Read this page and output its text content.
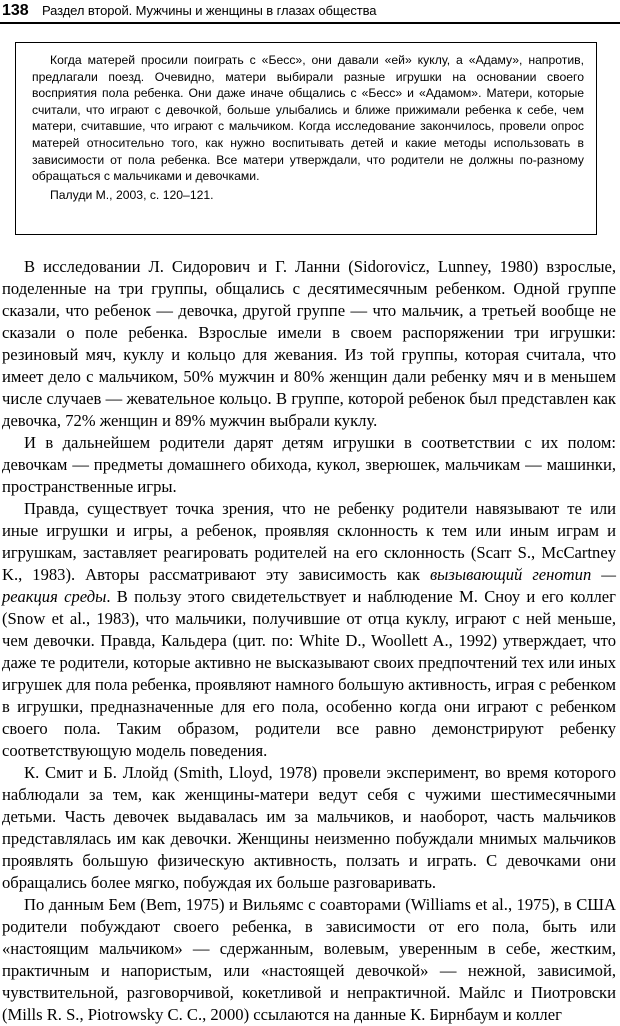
138 Раздел второй. Мужчины и женщины в глазах общества

Когда матерей просили поиграть с «Бесс», они давали «ей» куклу, а «Адаму», напротив, предлагали поезд. Очевидно, матери выбирали разные игрушки на основании своего восприятия пола ребенка. Они даже иначе общались с «Бесс» и «Адамом». Матери, которые считали, что играют с девочкой, больше улыбались и ближе прижимали ребенка к себе, чем матери, считавшие, что играют с мальчиком. Когда исследование закончилось, провели опрос матерей относительно того, как нужно воспитывать детей и какие методы использовать в зависимости от пола ребенка. Все матери утверждали, что родители не должны по-разному обращаться с мальчиками и девочками.

Палуди М., 2003, с. 120–121.

В исследовании Л. Сидорович и Г. Ланни (Sidorovicz, Lunney, 1980) взрослые, поделенные на три группы, общались с десятимесячным ребенком. Одной группе сказали, что ребенок — девочка, другой группе — что мальчик, а третьей вообще не сказали о поле ребенка. Взрослые имели в своем распоряжении три игрушки: резиновый мяч, куклу и кольцо для жевания. Из той группы, которая считала, что имеет дело с мальчиком, 50% мужчин и 80% женщин дали ребенку мяч и в меньшем числе случаев — жевательное кольцо. В группе, которой ребенок был представлен как девочка, 72% женщин и 89% мужчин выбрали куклу.

И в дальнейшем родители дарят детям игрушки в соответствии с их полом: девочкам — предметы домашнего обихода, кукол, зверюшек, мальчикам — машинки, пространственные игры.

Правда, существует точка зрения, что не ребенку родители навязывают те или иные игрушки и игры, а ребенок, проявляя склонность к тем или иным играм и игрушкам, заставляет реагировать родителей на его склонность (Scarr S., McCartney K., 1983). Авторы рассматривают эту зависимость как вызывающий генотип — реакция среды. В пользу этого свидетельствует и наблюдение М. Сноу и его коллег (Snow et al., 1983), что мальчики, получившие от отца куклу, играют с ней меньше, чем девочки. Правда, Кальдера (цит. по: White D., Woollett A., 1992) утверждает, что даже те родители, которые активно не высказывают своих предпочтений тех или иных игрушек для пола ребенка, проявляют намного большую активность, играя с ребенком в игрушки, предназначенные для его пола, особенно когда они играют с ребенком своего пола. Таким образом, родители все равно демонстрируют ребенку соответствующую модель поведения.

К. Смит и Б. Ллойд (Smith, Lloyd, 1978) провели эксперимент, во время которого наблюдали за тем, как женщины-матери ведут себя с чужими шестимесячными детьми. Часть девочек выдавалась им за мальчиков, и наоборот, часть мальчиков представлялась им как девочки. Женщины неизменно побуждали мнимых мальчиков проявлять большую физическую активность, ползать и играть. С девочками они обращались более мягко, побуждая их больше разговаривать.

По данным Бем (Bem, 1975) и Вильямс с соавторами (Williams et al., 1975), в США родители побуждают своего ребенка, в зависимости от его пола, быть или «настоящим мальчиком» — сдержанным, волевым, уверенным в себе, жестким, практичным и напористым, или «настоящей девочкой» — нежной, зависимой, чувствительной, разговорчивой, кокетливой и непрактичной. Майлс и Пиотровски (Mills R. S., Piotrowsky C. C., 2000) ссылаются на данные К. Бирнбаум и коллег
